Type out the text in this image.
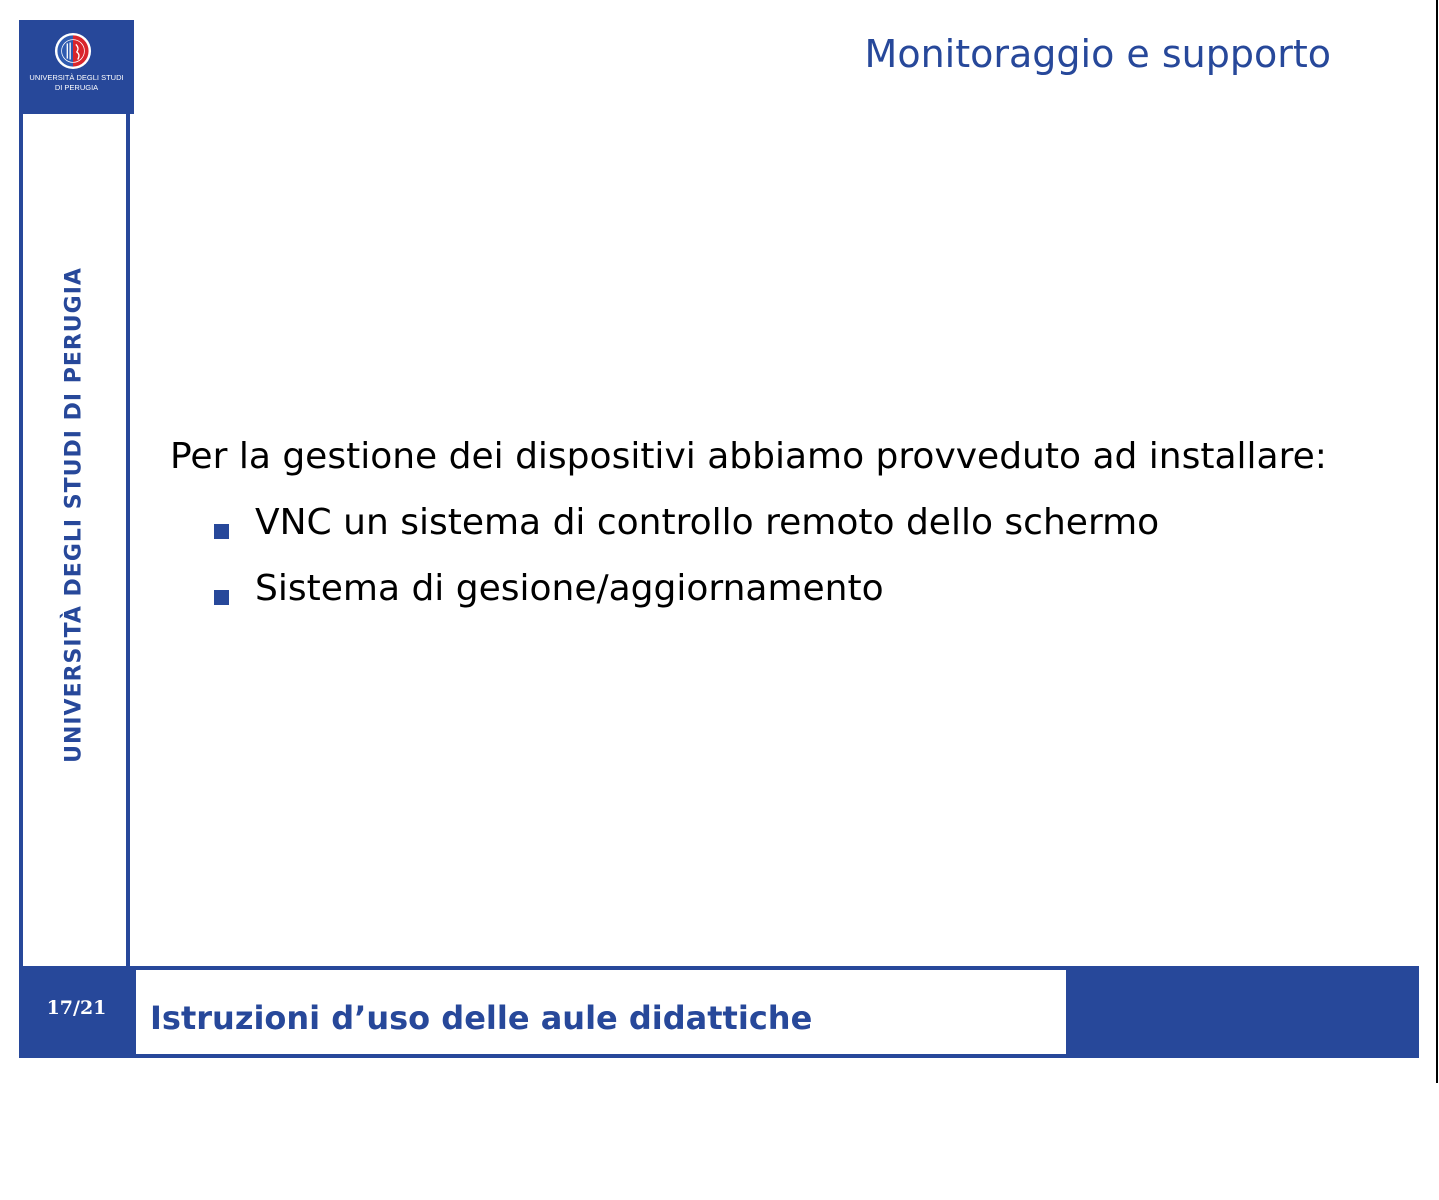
UNIVERSITÀ DEGLI STUDI
DI PERUGIA
UNIVERSITÀ DEGLI STUDI DI PERUGIA
Monitoraggio e supporto
Per la gestione dei dispositivi abbiamo provveduto ad installare:
VNC un sistema di controllo remoto dello schermo
Sistema di gesione/aggiornamento
17/21	Istruzioni d’uso delle aule didattiche
